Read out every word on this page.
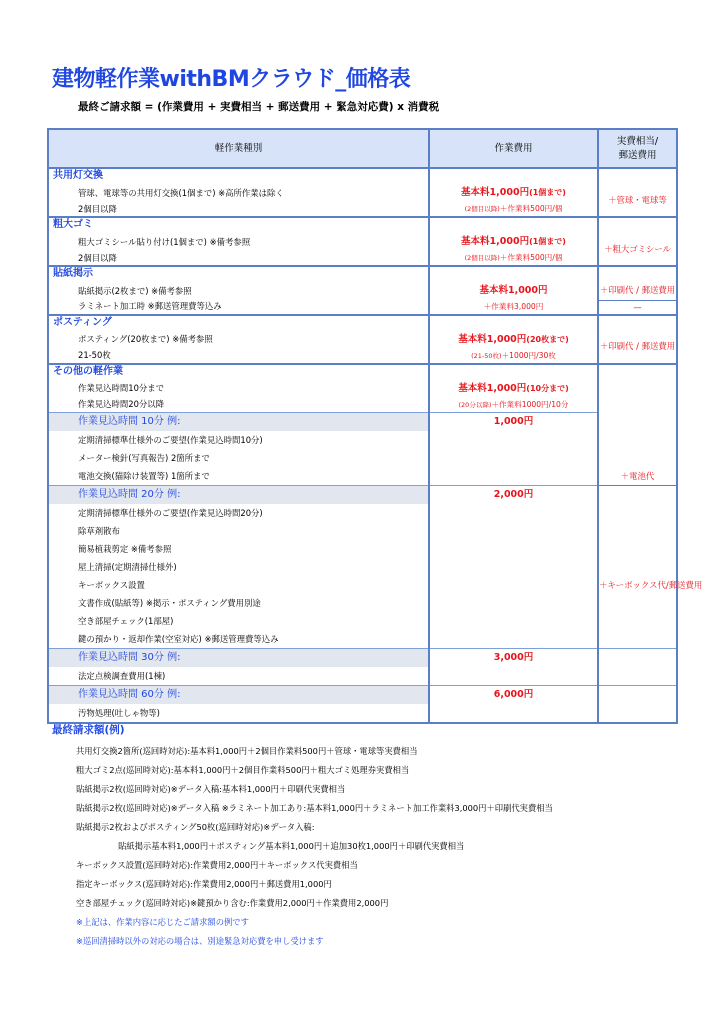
建物軽作業withBMクラウド_価格表
最終ご請求額 = (作業費用 + 実費相当 + 郵送費用 + 緊急対応費) x 消費税
軽作業種別	作業費用	実費相当/
郵送費用
共用灯交換		
管球、電球等の共用灯交換(1個まで) ※高所作業は除く	基本料1,000円(1個まで)	＋管球・電球等
2個目以降	(2個目以降)＋作業料500円/個	
粗大ゴミ		
粗大ゴミシール貼り付け(1個まで) ※備考参照	基本料1,000円(1個まで)	＋粗大ゴミシール
2個目以降	(2個目以降)＋作業料500円/個	
貼紙掲示		
貼紙掲示(2枚まで) ※備考参照	基本料1,000円	＋印刷代 / 郵送費用
ラミネート加工時 ※郵送管理費等込み	＋作業料3,000円	—
ポスティング		
ポスティング(20枚まで) ※備考参照	基本料1,000円(20枚まで)	＋印刷代 / 郵送費用
21-50枚	(21-50枚)＋1000円/30枚	
その他の軽作業		
作業見込時間10分まで	基本料1,000円(10分まで)	
作業見込時間20分以降	(20分以降)＋作業料1000円/10分	
作業見込時間 10分 例:	1,000円	
定期清掃標準仕様外のご要望(作業見込時間10分)		
メーター検針(写真報告) 2箇所まで		
電池交換(猫除け装置等) 1箇所まで		＋電池代
作業見込時間 20分 例:	2,000円	
定期清掃標準仕様外のご要望(作業見込時間20分)		
除草剤散布		
簡易植栽剪定 ※備考参照		
屋上清掃(定期清掃仕様外)		
キーボックス設置		＋キーボックス代/郵送費用
文書作成(貼紙等) ※掲示・ポスティング費用別途		
空き部屋チェック(1部屋)		
鍵の預かり・返却作業(空室対応) ※郵送管理費等込み		
作業見込時間 30分 例:	3,000円	
法定点検調査費用(1棟)		
作業見込時間 60分 例:	6,000円	
汚物処理(吐しゃ物等)		
最終請求額(例)
共用灯交換2箇所(巡回時対応):基本料1,000円＋2個目作業料500円＋管球・電球等実費相当
粗大ゴミ2点(巡回時対応):基本料1,000円＋2個目作業料500円＋粗大ゴミ処理券実費相当
貼紙掲示2枚(巡回時対応)※データ入稿:基本料1,000円＋印刷代実費相当
貼紙掲示2枚(巡回時対応)※データ入稿 ※ラミネート加工あり:基本料1,000円＋ラミネート加工作業料3,000円＋印刷代実費相当
貼紙掲示2枚およびポスティング50枚(巡回時対応)※データ入稿:
貼紙掲示基本料1,000円＋ポスティング基本料1,000円＋追加30枚1,000円＋印刷代実費相当
キーボックス設置(巡回時対応):作業費用2,000円＋キーボックス代実費相当
指定キーボックス(巡回時対応):作業費用2,000円＋郵送費用1,000円
空き部屋チェック(巡回時対応)※鍵預かり含む:作業費用2,000円＋作業費用2,000円
※上記は、作業内容に応じたご請求額の例です
※巡回清掃時以外の対応の場合は、別途緊急対応費を申し受けます
